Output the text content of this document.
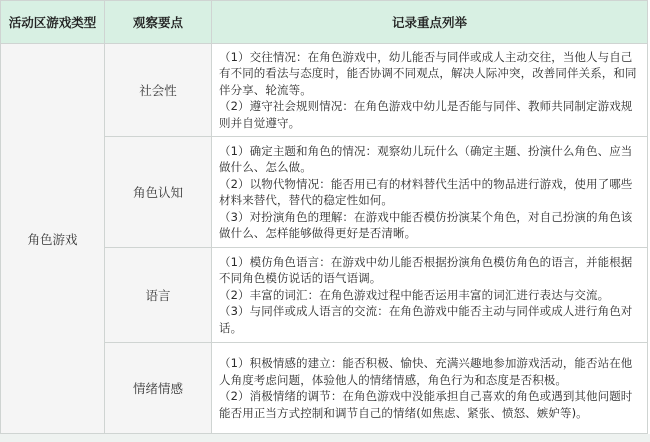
活动区游戏类型	观察要点	记录重点列举
角色游戏	社会性	（1）交往情况：在角色游戏中，幼儿能否与同伴或成人主动交往，当他人与自己有不同的看法与态度时，能否协调不同观点，解决人际冲突，改善同伴关系，和同伴分享、轮流等。

（2）遵守社会规则情况：在角色游戏中幼儿是否能与同伴、教师共同制定游戏规则并自觉遵守。

	角色认知	（1）确定主题和角色的情况：观察幼儿玩什么（确定主题、扮演什么角色、应当做什么、怎么做。

（2）以物代物情况：能否用已有的材料替代生活中的物品进行游戏，使用了哪些材料来替代，替代的稳定性如何。

（3）对扮演角色的理解：在游戏中能否模仿扮演某个角色，对自己扮演的角色该做什么、怎样能够做得更好是否清晰。

	语言	（1）模仿角色语言：在游戏中幼儿能否根据扮演角色模仿角色的语言，并能根据不同角色模仿说话的语气语调。

（2）丰富的词汇：在角色游戏过程中能否运用丰富的词汇进行表达与交流。

（3）与同伴或成人语言的交流：在角色游戏中能否主动与同伴或成人进行角色对话。

	情绪情感	（1）积极情感的建立：能否积极、愉快、充满兴趣地参加游戏活动，能否站在他人角度考虑问题，体验他人的情绪情感，角色行为和态度是否积极。

（2）消极情绪的调节：在角色游戏中没能承担自己喜欢的角色或遇到其他问题时能否用正当方式控制和调节自己的情绪(如焦虑、紧张、愤怒、嫉妒等)。
